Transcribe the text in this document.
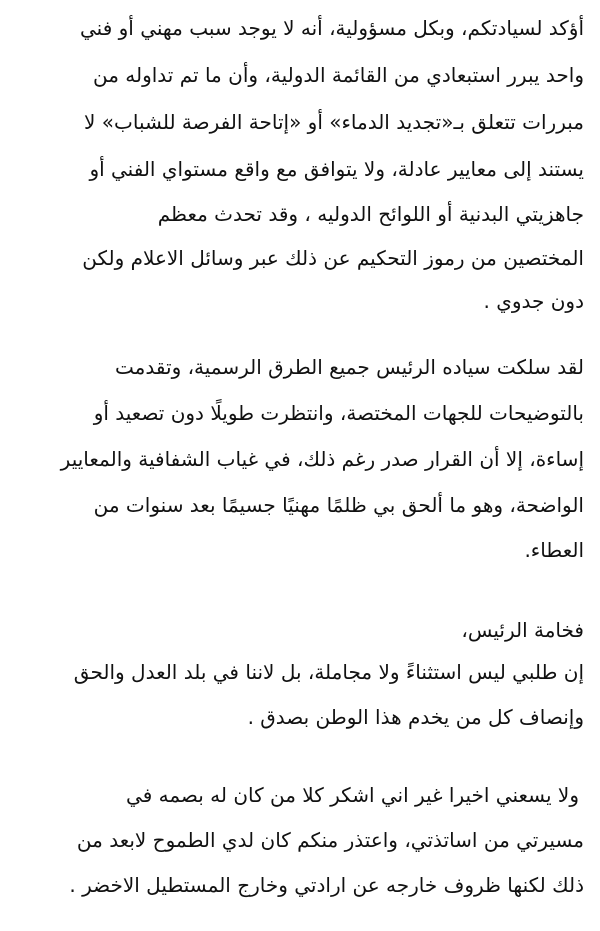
أؤكد لسيادتكم، وبكل مسؤولية، أنه لا يوجد سبب مهني أو فني
واحد يبرر استبعادي من القائمة الدولية، وأن ما تم تداوله من
مبررات تتعلق بـ«تجديد الدماء» أو «إتاحة الفرصة للشباب» لا
يستند إلى معايير عادلة، ولا يتوافق مع واقع مستواي الفني أو
جاهزيتي البدنية أو اللوائح الدوليه ، وقد تحدث معظم
المختصين من رموز التحكيم عن ذلك عبر وسائل الاعلام ولكن
دون جدوي .
لقد سلكت سياده الرئيس جميع الطرق الرسمية، وتقدمت
بالتوضيحات للجهات المختصة، وانتظرت طويلًا دون تصعيد أو
إساءة، إلا أن القرار صدر رغم ذلك، في غياب الشفافية والمعايير
الواضحة، وهو ما ألحق بي ظلمًا مهنيًا جسيمًا بعد سنوات من
العطاء.
فخامة الرئيس،
إن طلبي ليس استثناءً ولا مجاملة، بل لاننا في بلد العدل والحق
وإنصاف كل من يخدم هذا الوطن بصدق .
ولا يسعني اخيرا غير اني اشكر كلا من كان له بصمه في
مسيرتي من اساتذتي، واعتذر منكم كان لدي الطموح لابعد من
ذلك لكنها ظروف خارجه عن ارادتي وخارج المستطيل الاخضر .
